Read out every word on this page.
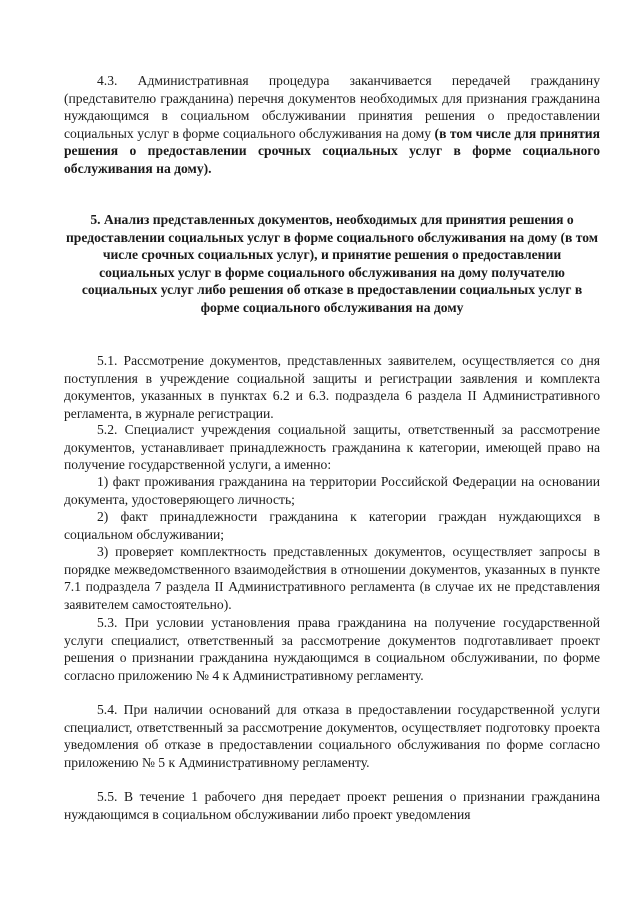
4.3. Административная процедура заканчивается передачей гражданину (представителю гражданина) перечня документов необходимых для признания гражданина нуждающимся в социальном обслуживании принятия решения о предоставлении социальных услуг в форме социального обслуживания на дому (в том числе для принятия решения о предоставлении срочных социальных услуг в форме социального обслуживания на дому).

5. Анализ представленных документов, необходимых для принятия решения о предоставлении социальных услуг в форме социального обслуживания на дому (в том числе срочных социальных услуг), и принятие решения о предоставлении социальных услуг в форме социального обслуживания на дому получателю социальных услуг либо решения об отказе в предоставлении социальных услуг в форме социального обслуживания на дому

5.1. Рассмотрение документов, представленных заявителем, осуществляется со дня поступления в учреждение социальной защиты и регистрации заявления и комплекта документов, указанных в пунктах 6.2 и 6.3. подраздела 6 раздела II Административного регламента, в журнале регистрации.

5.2. Специалист учреждения социальной защиты, ответственный за рассмотрение документов, устанавливает принадлежность гражданина к категории, имеющей право на получение государственной услуги, а именно:

1) факт проживания гражданина на территории Российской Федерации на основании документа, удостоверяющего личность;

2) факт принадлежности гражданина к категории граждан нуждающихся в социальном обслуживании;

3) проверяет комплектность представленных документов, осуществляет запросы в порядке межведомственного взаимодействия в отношении документов, указанных в пункте 7.1 подраздела 7 раздела II Административного регламента (в случае их не представления заявителем самостоятельно).

5.3. При условии установления права гражданина на получение государственной услуги специалист, ответственный за рассмотрение документов подготавливает проект решения о признании гражданина нуждающимся в социальном обслуживании, по форме согласно приложению № 4 к Административному регламенту.

5.4. При наличии оснований для отказа в предоставлении государственной услуги специалист, ответственный за рассмотрение документов, осуществляет подготовку проекта уведомления об отказе в предоставлении социального обслуживания по форме согласно приложению № 5 к Административному регламенту.

5.5. В течение 1 рабочего дня передает проект решения о признании гражданина нуждающимся в социальном обслуживании либо проект уведомления
